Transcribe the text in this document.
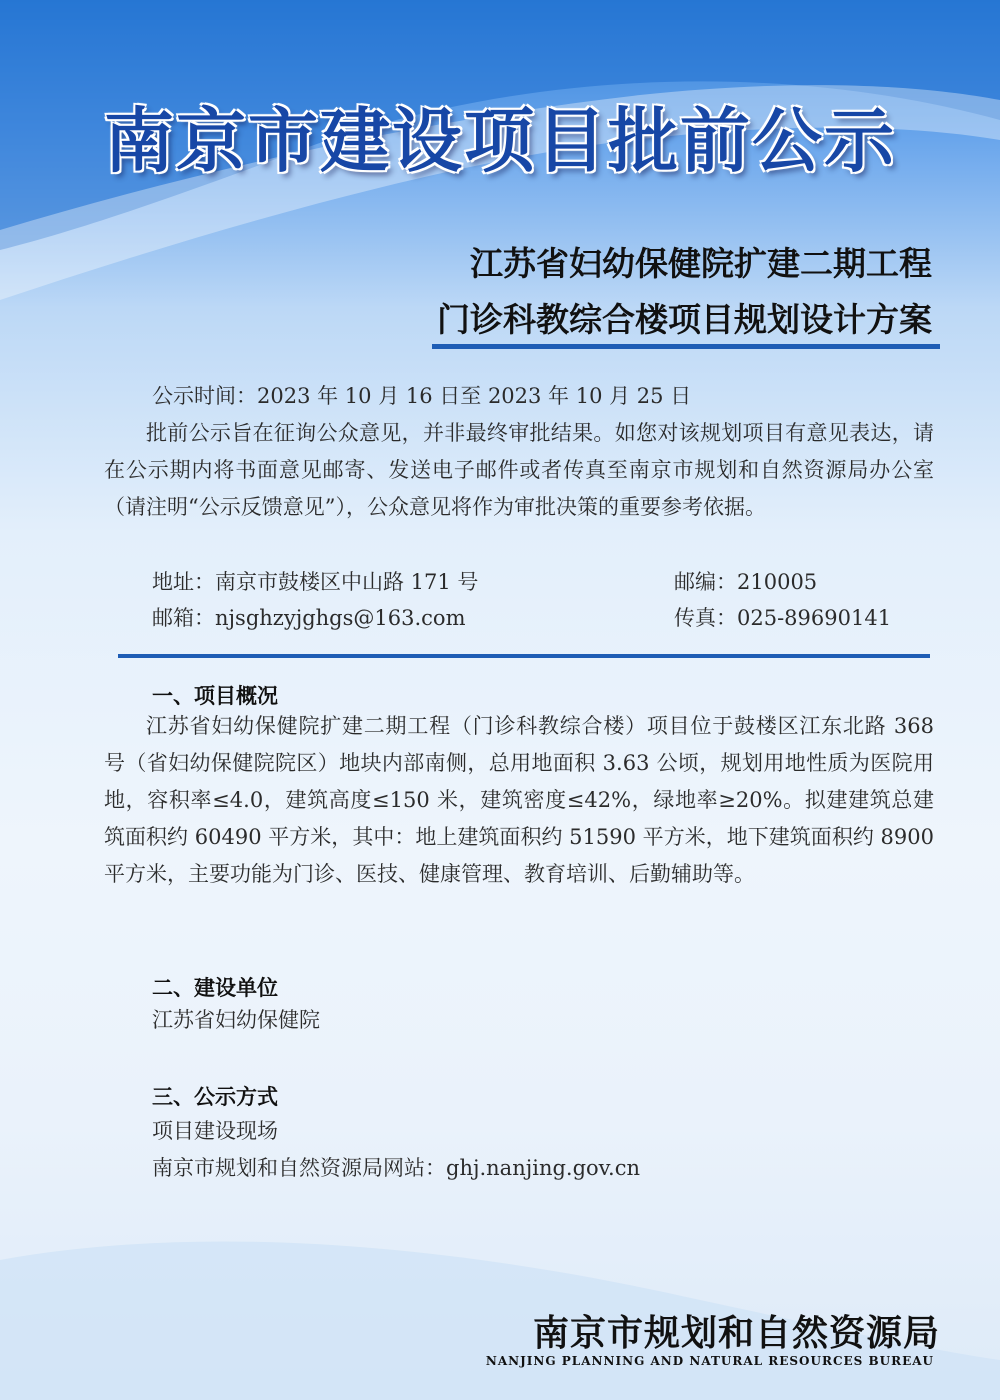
南京市建设项目批前公示
江苏省妇幼保健院扩建二期工程
门诊科教综合楼项目规划设计方案
公示时间：2023 年 10 月 16 日至 2023 年 10 月 25 日
批前公示旨在征询公众意见，并非最终审批结果。如您对该规划项目有意见表达，请在公示期内将书面意见邮寄、发送电子邮件或者传真至南京市规划和自然资源局办公室（请注明“公示反馈意见”），公众意见将作为审批决策的重要参考依据。
地址：南京市鼓楼区中山路 171 号	邮编：210005
邮箱：njsghzyjghgs@163.com	传真：025-89690141
一、项目概况
江苏省妇幼保健院扩建二期工程（门诊科教综合楼）项目位于鼓楼区江东北路 368 号（省妇幼保健院院区）地块内部南侧，总用地面积 3.63 公顷，规划用地性质为医院用地，容积率≤4.0，建筑高度≤150 米，建筑密度≤42%，绿地率≥20%。拟建建筑总建筑面积约 60490 平方米，其中：地上建筑面积约 51590 平方米，地下建筑面积约 8900 平方米，主要功能为门诊、医技、健康管理、教育培训、后勤辅助等。
二、建设单位
江苏省妇幼保健院
三、公示方式
项目建设现场
南京市规划和自然资源局网站：ghj.nanjing.gov.cn
南京市规划和自然资源局
NANJING PLANNING AND NATURAL RESOURCES BUREAU
